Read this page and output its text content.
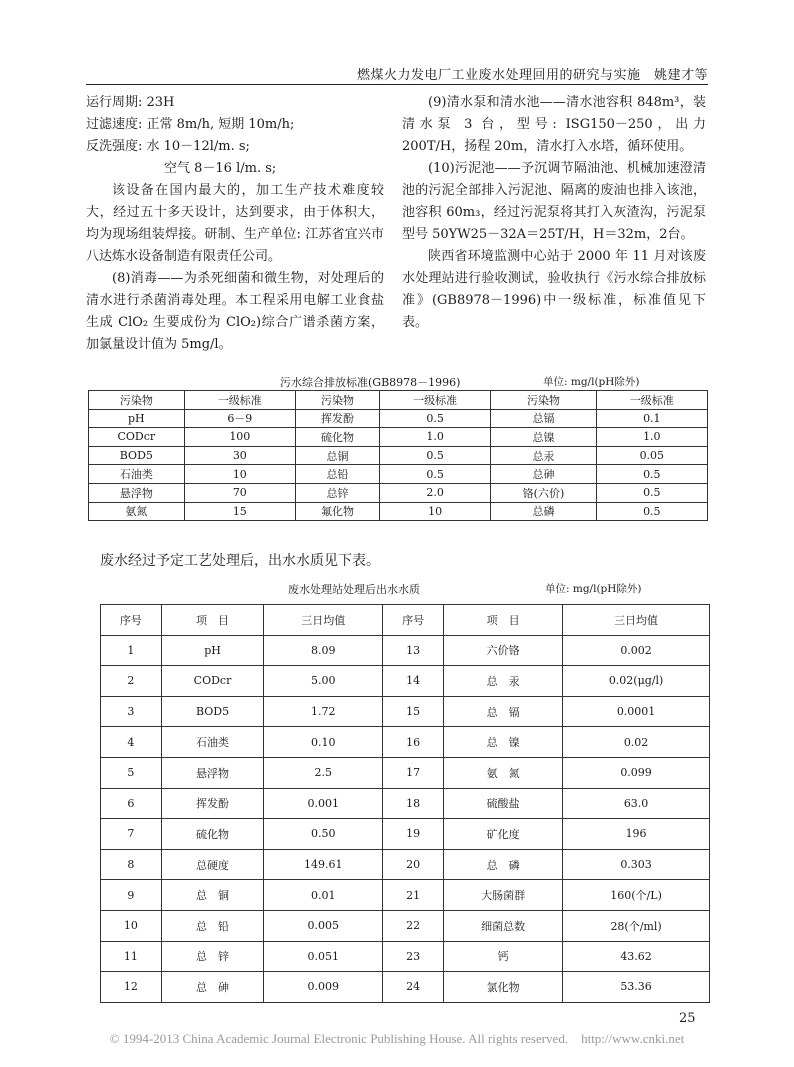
燃煤火力发电厂工业废水处理回用的研究与实施　姚建才等

运行周期: 23H

过滤速度: 正常 8m/h, 短期 10m/h;

反洗强度: 水 10－12l/m. s;

　　　　　　空气 8－16 l/m. s;

该设备在国内最大的，加工生产技术难度较大，经过五十多天设计，达到要求，由于体积大，均为现场组装焊接。研制、生产单位: 江苏省宜兴市八达炼水设备制造有限责任公司。

(8)消毒——为杀死细菌和微生物，对处理后的清水进行杀菌消毒处理。本工程采用电解工业食盐生成 ClO₂ 生要成份为 ClO₂)综合广谱杀菌方案，加氯量设计值为 5mg/l。

(9)清水泵和清水池——清水池容积 848m³，装清水泵 3 台，型号: ISG150－250，出力 200T/H，扬程 20m，清水打入水塔，循环使用。

(10)污泥池——予沉调节隔油池、机械加速澄清池的污泥全部排入污泥池、隔离的废油也排入该池，池容积 60m₃，经过污泥泵将其打入灰渣沟，污泥泵型号 50YW25－32A＝25T/H，H＝32m，2台。

陕西省环境监测中心站于 2000 年 11 月对该废水处理站进行验收测试，验收执行《污水综合排放标准》(GB8978－1996)中一级标准，标准值见下表。

污水综合排放标准(GB8978－1996)	单位: mg/l(pH除外)
污染物	一级标准	污染物	一级标准	污染物	一级标准
pH	6－9	挥发酚	0.5	总镉	0.1
CODcr	100	硫化物	1.0	总镍	1.0
BOD5	30	总铜	0.5	总汞	0.05
石油类	10	总铅	0.5	总砷	0.5
悬浮物	70	总锌	2.0	铬(六价)	0.5
氨氮	15	氟化物	10	总磷	0.5
废水经过予定工艺处理后，出水水质见下表。
废水处理站处理后出水水质	单位: mg/l(pH除外)
序号	项　目	三日均值	序号	项　目	三日均值
1	pH	8.09	13	六价铬	0.002
2	CODcr	5.00	14	总　汞	0.02(μg/l)
3	BOD5	1.72	15	总　镉	0.0001
4	石油类	0.10	16	总　镍	0.02
5	悬浮物	2.5	17	氨　氮	0.099
6	挥发酚	0.001	18	硫酸盐	63.0
7	硫化物	0.50	19	矿化度	196
8	总硬度	149.61	20	总　磷	0.303
9	总　铜	0.01	21	大肠菌群	160(个/L)
10	总　铅	0.005	22	细菌总数	28(个/ml)
11	总　锌	0.051	23	钙	43.62
12	总　砷	0.009	24	氯化物	53.36
25
© 1994-2013 China Academic Journal Electronic Publishing House. All rights reserved.　http://www.cnki.net
